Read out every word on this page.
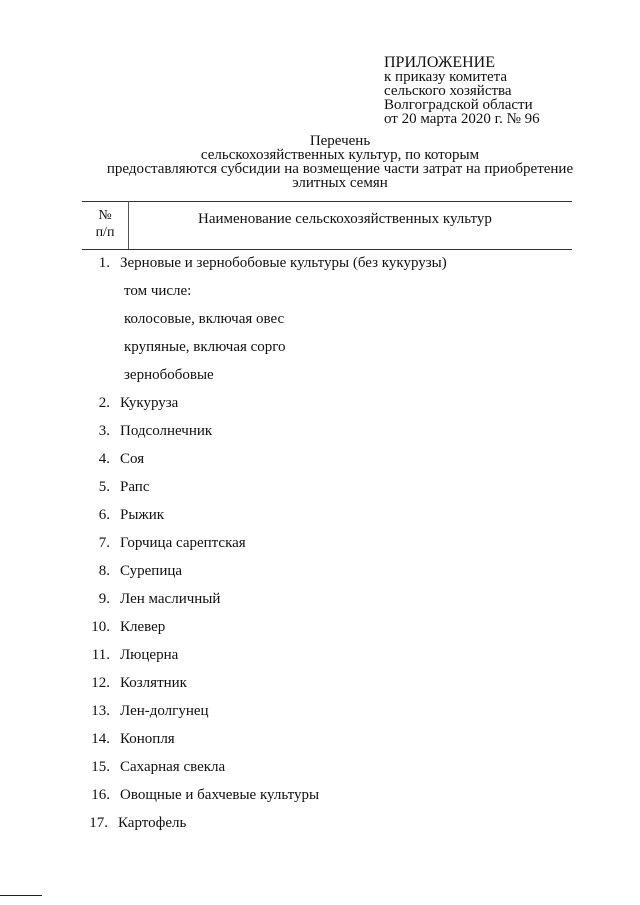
ПРИЛОЖЕНИЕ
к приказу комитета
сельского хозяйства
Волгоградской области
от 20 марта 2020 г. № 96
Перечень
сельскохозяйственных культур, по которым
предоставляются субсидии на возмещение части затрат на приобретение
элитных семян
№
п/п
Наименование сельскохозяйственных культур
1. Зерновые и зернобобовые культуры (без кукурузы)
2. Кукуруза
3. Подсолнечник
4. Соя
5. Рапс
6. Рыжик
7. Горчица сарептская
8. Сурепица
9. Лен масличный
10. Клевер
11. Люцерна
12. Козлятник
13. Лен-долгунец
14. Конопля
15. Сахарная свекла
16. Овощные и бахчевые культуры
17. Картофель
том числе:
колосовые, включая овес
крупяные, включая сорго
зернобобовые
